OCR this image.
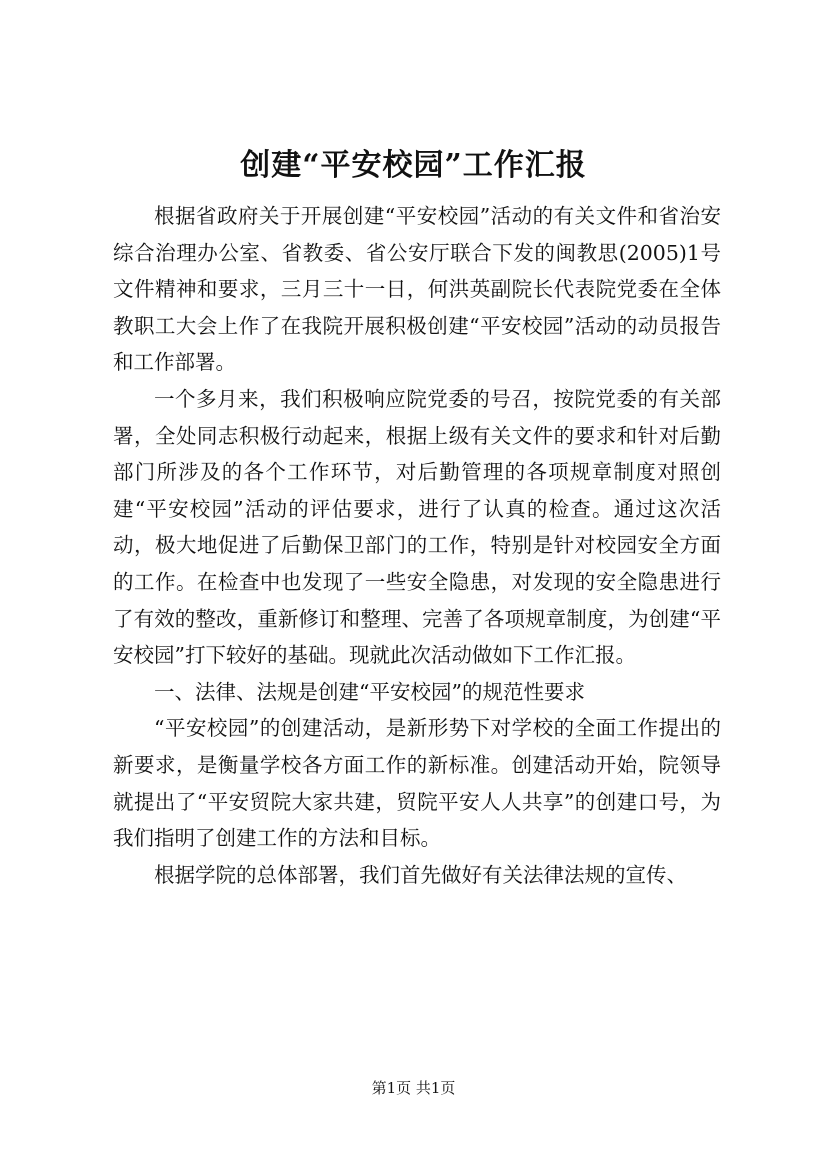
创建“平安校园”工作汇报

根据省政府关于开展创建“平安校园”活动的有关文件和省治安综合治理办公室、省教委、省公安厅联合下发的闽教思(2005)1号文件精神和要求，三月三十一日，何洪英副院长代表院党委在全体教职工大会上作了在我院开展积极创建“平安校园”活动的动员报告和工作部署。

一个多月来，我们积极响应院党委的号召，按院党委的有关部署，全处同志积极行动起来，根据上级有关文件的要求和针对后勤部门所涉及的各个工作环节，对后勤管理的各项规章制度对照创建“平安校园”活动的评估要求，进行了认真的检查。通过这次活动，极大地促进了后勤保卫部门的工作，特别是针对校园安全方面的工作。在检查中也发现了一些安全隐患，对发现的安全隐患进行了有效的整改，重新修订和整理、完善了各项规章制度，为创建“平安校园”打下较好的基础。现就此次活动做如下工作汇报。

一、法律、法规是创建“平安校园”的规范性要求

“平安校园”的创建活动，是新形势下对学校的全面工作提出的新要求，是衡量学校各方面工作的新标准。创建活动开始，院领导就提出了“平安贸院大家共建，贸院平安人人共享”的创建口号，为我们指明了创建工作的方法和目标。

根据学院的总体部署，我们首先做好有关法律法规的宣传、

第1页 共1页
